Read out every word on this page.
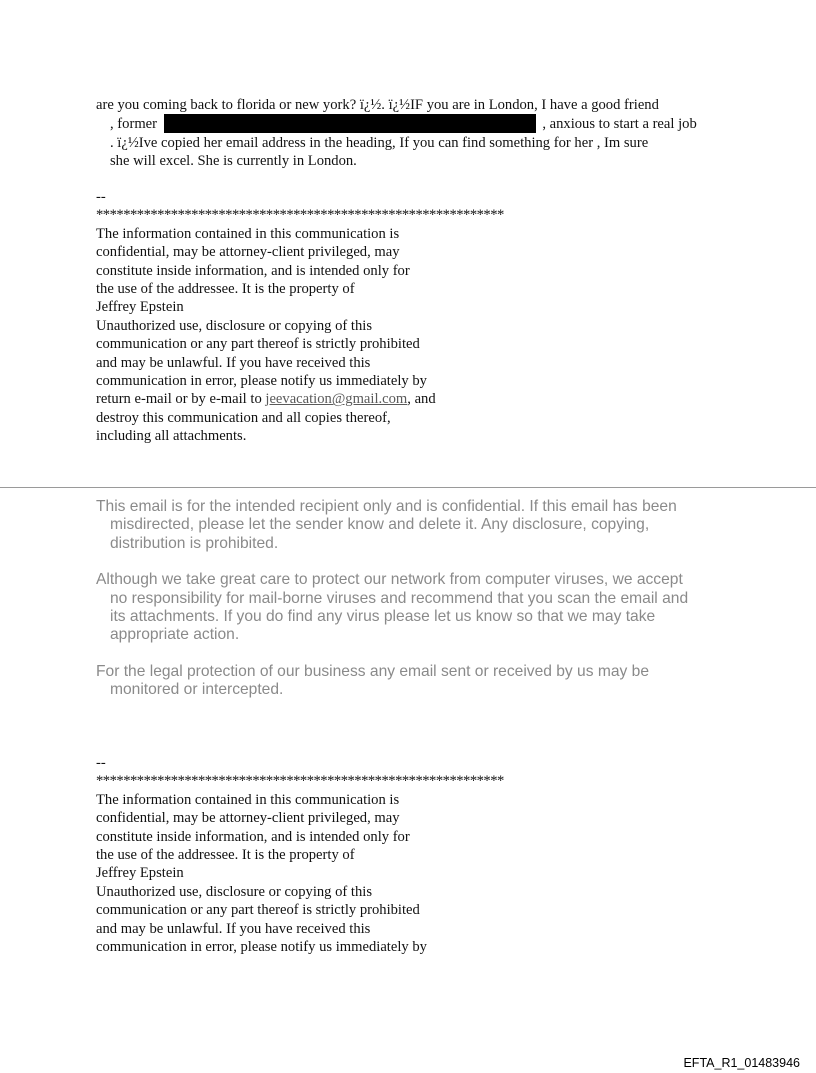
are you coming back to florida or new york? ï¿½. ï¿½IF you are in London, I have a good friend
, former	, anxious to start a real job
. ï¿½Ive copied her email address in the heading, If you can find something for her , Im sure
she will excel. She is currently in London.
--
************************************************************
The information contained in this communication is
confidential, may be attorney-client privileged, may
constitute inside information, and is intended only for
the use of the addressee. It is the property of
Jeffrey Epstein
Unauthorized use, disclosure or copying of this
communication or any part thereof is strictly prohibited
and may be unlawful. If you have received this
communication in error, please notify us immediately by
return e-mail or by e-mail to jeevacation@gmail.com, and
destroy this communication and all copies thereof,
including all attachments.
This email is for the intended recipient only and is confidential. If this email has been
misdirected, please let the sender know and delete it. Any disclosure, copying,
distribution is prohibited.
Although we take great care to protect our network from computer viruses, we accept
no responsibility for mail-borne viruses and recommend that you scan the email and
its attachments. If you do find any virus please let us know so that we may take
appropriate action.
For the legal protection of our business any email sent or received by us may be
monitored or intercepted.
--
************************************************************
The information contained in this communication is
confidential, may be attorney-client privileged, may
constitute inside information, and is intended only for
the use of the addressee. It is the property of
Jeffrey Epstein
Unauthorized use, disclosure or copying of this
communication or any part thereof is strictly prohibited
and may be unlawful. If you have received this
communication in error, please notify us immediately by
EFTA_R1_01483946
